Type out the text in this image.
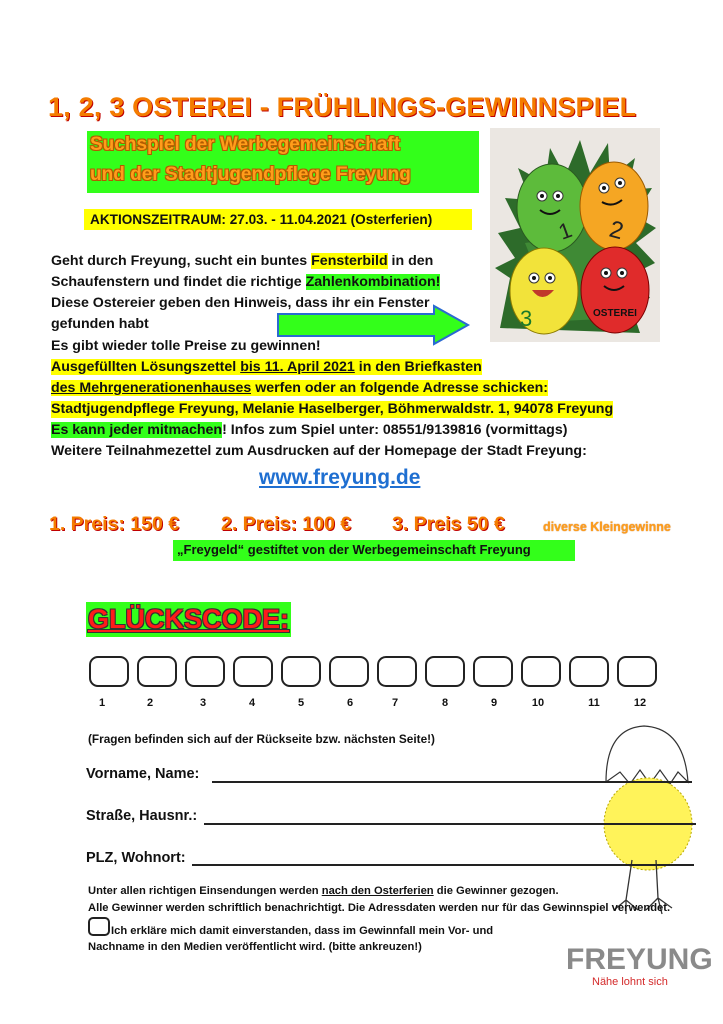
1, 2, 3 OSTEREI - FRÜHLINGS-GEWINNSPIEL
Suchspiel der Werbegemeinschaft
und der Stadtjugendpflege Freyung
AKTIONSZEITRAUM: 27.03. - 11.04.2021 (Osterferien)	1 2
3	OSTEREI
Geht durch Freyung, sucht ein buntes Fensterbild in den
Schaufenstern und findet die richtige Zahlenkombination!
Diese Ostereier geben den Hinweis, dass ihr ein Fenster
gefunden habt
Es gibt wieder tolle Preise zu gewinnen!
Ausgefüllten Lösungszettel bis 11. April 2021 in den Briefkasten
des Mehrgenerationenhauses werfen oder an folgende Adresse schicken:
Stadtjugendpflege Freyung, Melanie Haselberger, Böhmerwaldstr. 1, 94078 Freyung
Es kann jeder mitmachen! Infos zum Spiel unter: 08551/9139816 (vormittags)
Weitere Teilnahmezettel zum Ausdrucken auf der Homepage der Stadt Freyung:
www.freyung.de
1. Preis: 150 € 2. Preis: 100 € 3. Preis 50 €	diverse Kleingewinne
„Freygeld“ gestiftet von der Werbegemeinschaft Freyung
GLÜCKSCODE:
1	2	3	4	5	6	7	8	9	10	11	12
(Fragen befinden sich auf der Rückseite bzw. nächsten Seite!)
Vorname, Name:
Straße, Hausnr.:
PLZ, Wohnort:
Unter allen richtigen Einsendungen werden nach den Osterferien die Gewinner gezogen.
Alle Gewinner werden schriftlich benachrichtigt. Die Adressdaten werden nur für das Gewinnspiel verwendet.
Ich erkläre mich damit einverstanden, dass im Gewinnfall mein Vor- und
Nachname in den Medien veröffentlicht wird. (bitte ankreuzen!)	FREYUNG
Nähe lohnt sich
